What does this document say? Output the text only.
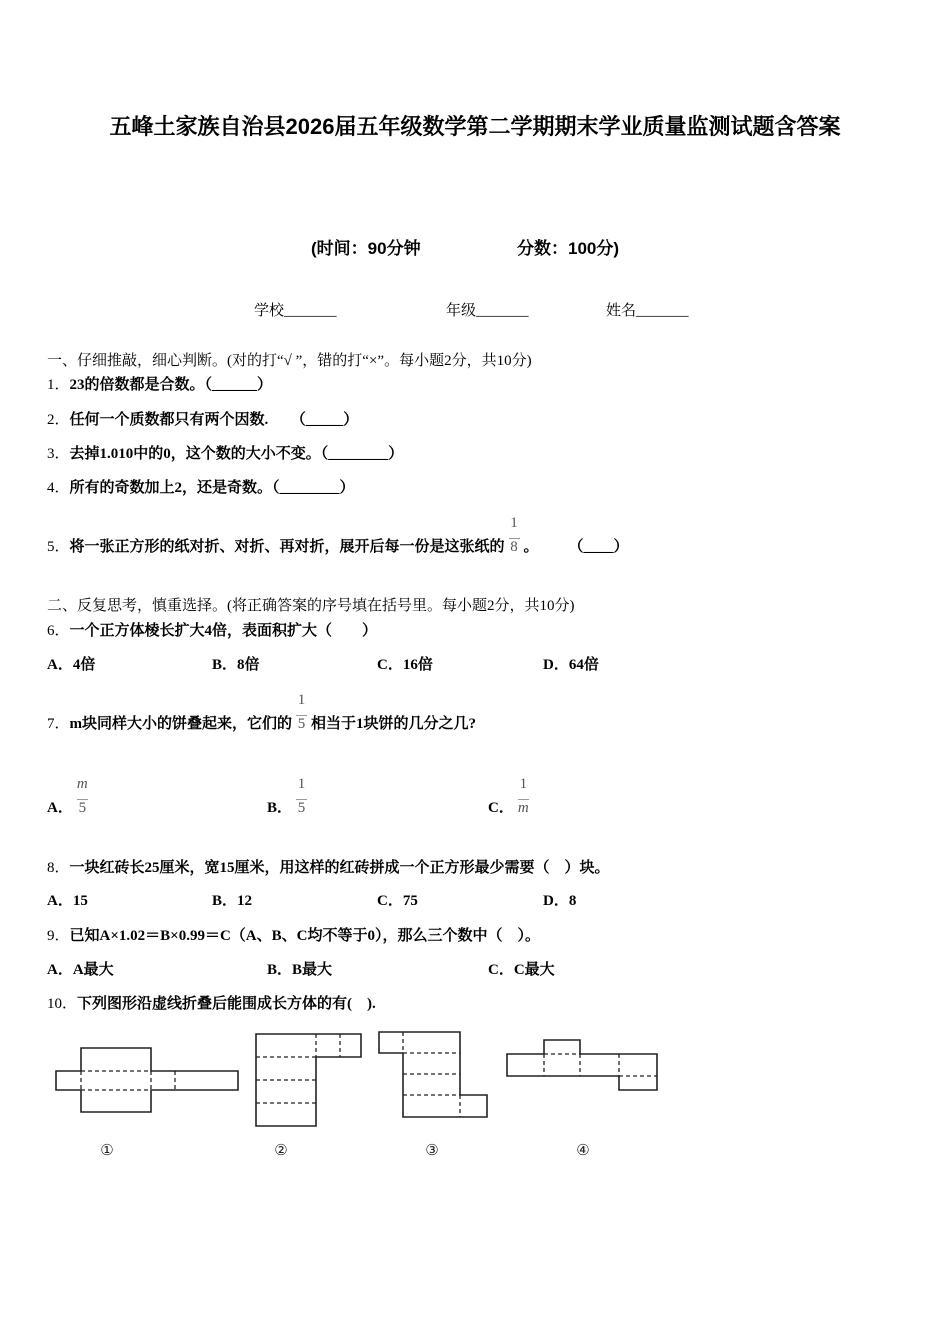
五峰土家族自治县2026届五年级数学第二学期期末学业质量监测试题含答案
(时间：90分钟	分数：100分)
学校_______	年级_______	姓名_______
一、仔细推敲，细心判断。(对的打“√ ”，错的打“×”。每小题2分，共10分)
1．23的倍数都是合数。（______）
2．任何一个质数都只有两个因数.　　（_____）
3．去掉1.010中的0，这个数的大小不变。（________）
4．所有的奇数加上2，还是奇数。（________）
5．将一张正方形的纸对折、对折、再对折，展开后每一份是这张纸的 $\frac{1}{8}$ 。 （____）
二、反复思考，慎重选择。(将正确答案的序号填在括号里。每小题2分，共10分)
6．一个正方体棱长扩大4倍，表面积扩大（　　）
A．4倍	B．8倍	C．16倍	D．64倍
7．m块同样大小的饼叠起来，它们的 $\frac{1}{5}$ 相当于1块饼的几分之几?
A． $\frac{m}{5}$	B． $\frac{1}{5}$	C． $\frac{1}{m}$
8．一块红砖长25厘米，宽15厘米，用这样的红砖拼成一个正方形最少需要（　）块。
A．15	B．12	C．75	D．8
9．已知A×1.02＝B×0.99＝C（A、B、C均不等于0），那么三个数中（　）。
A．A最大	B．B最大	C．C最大
10．下列图形沿虚线折叠后能围成长方体的有(　).
①	②	③	④
